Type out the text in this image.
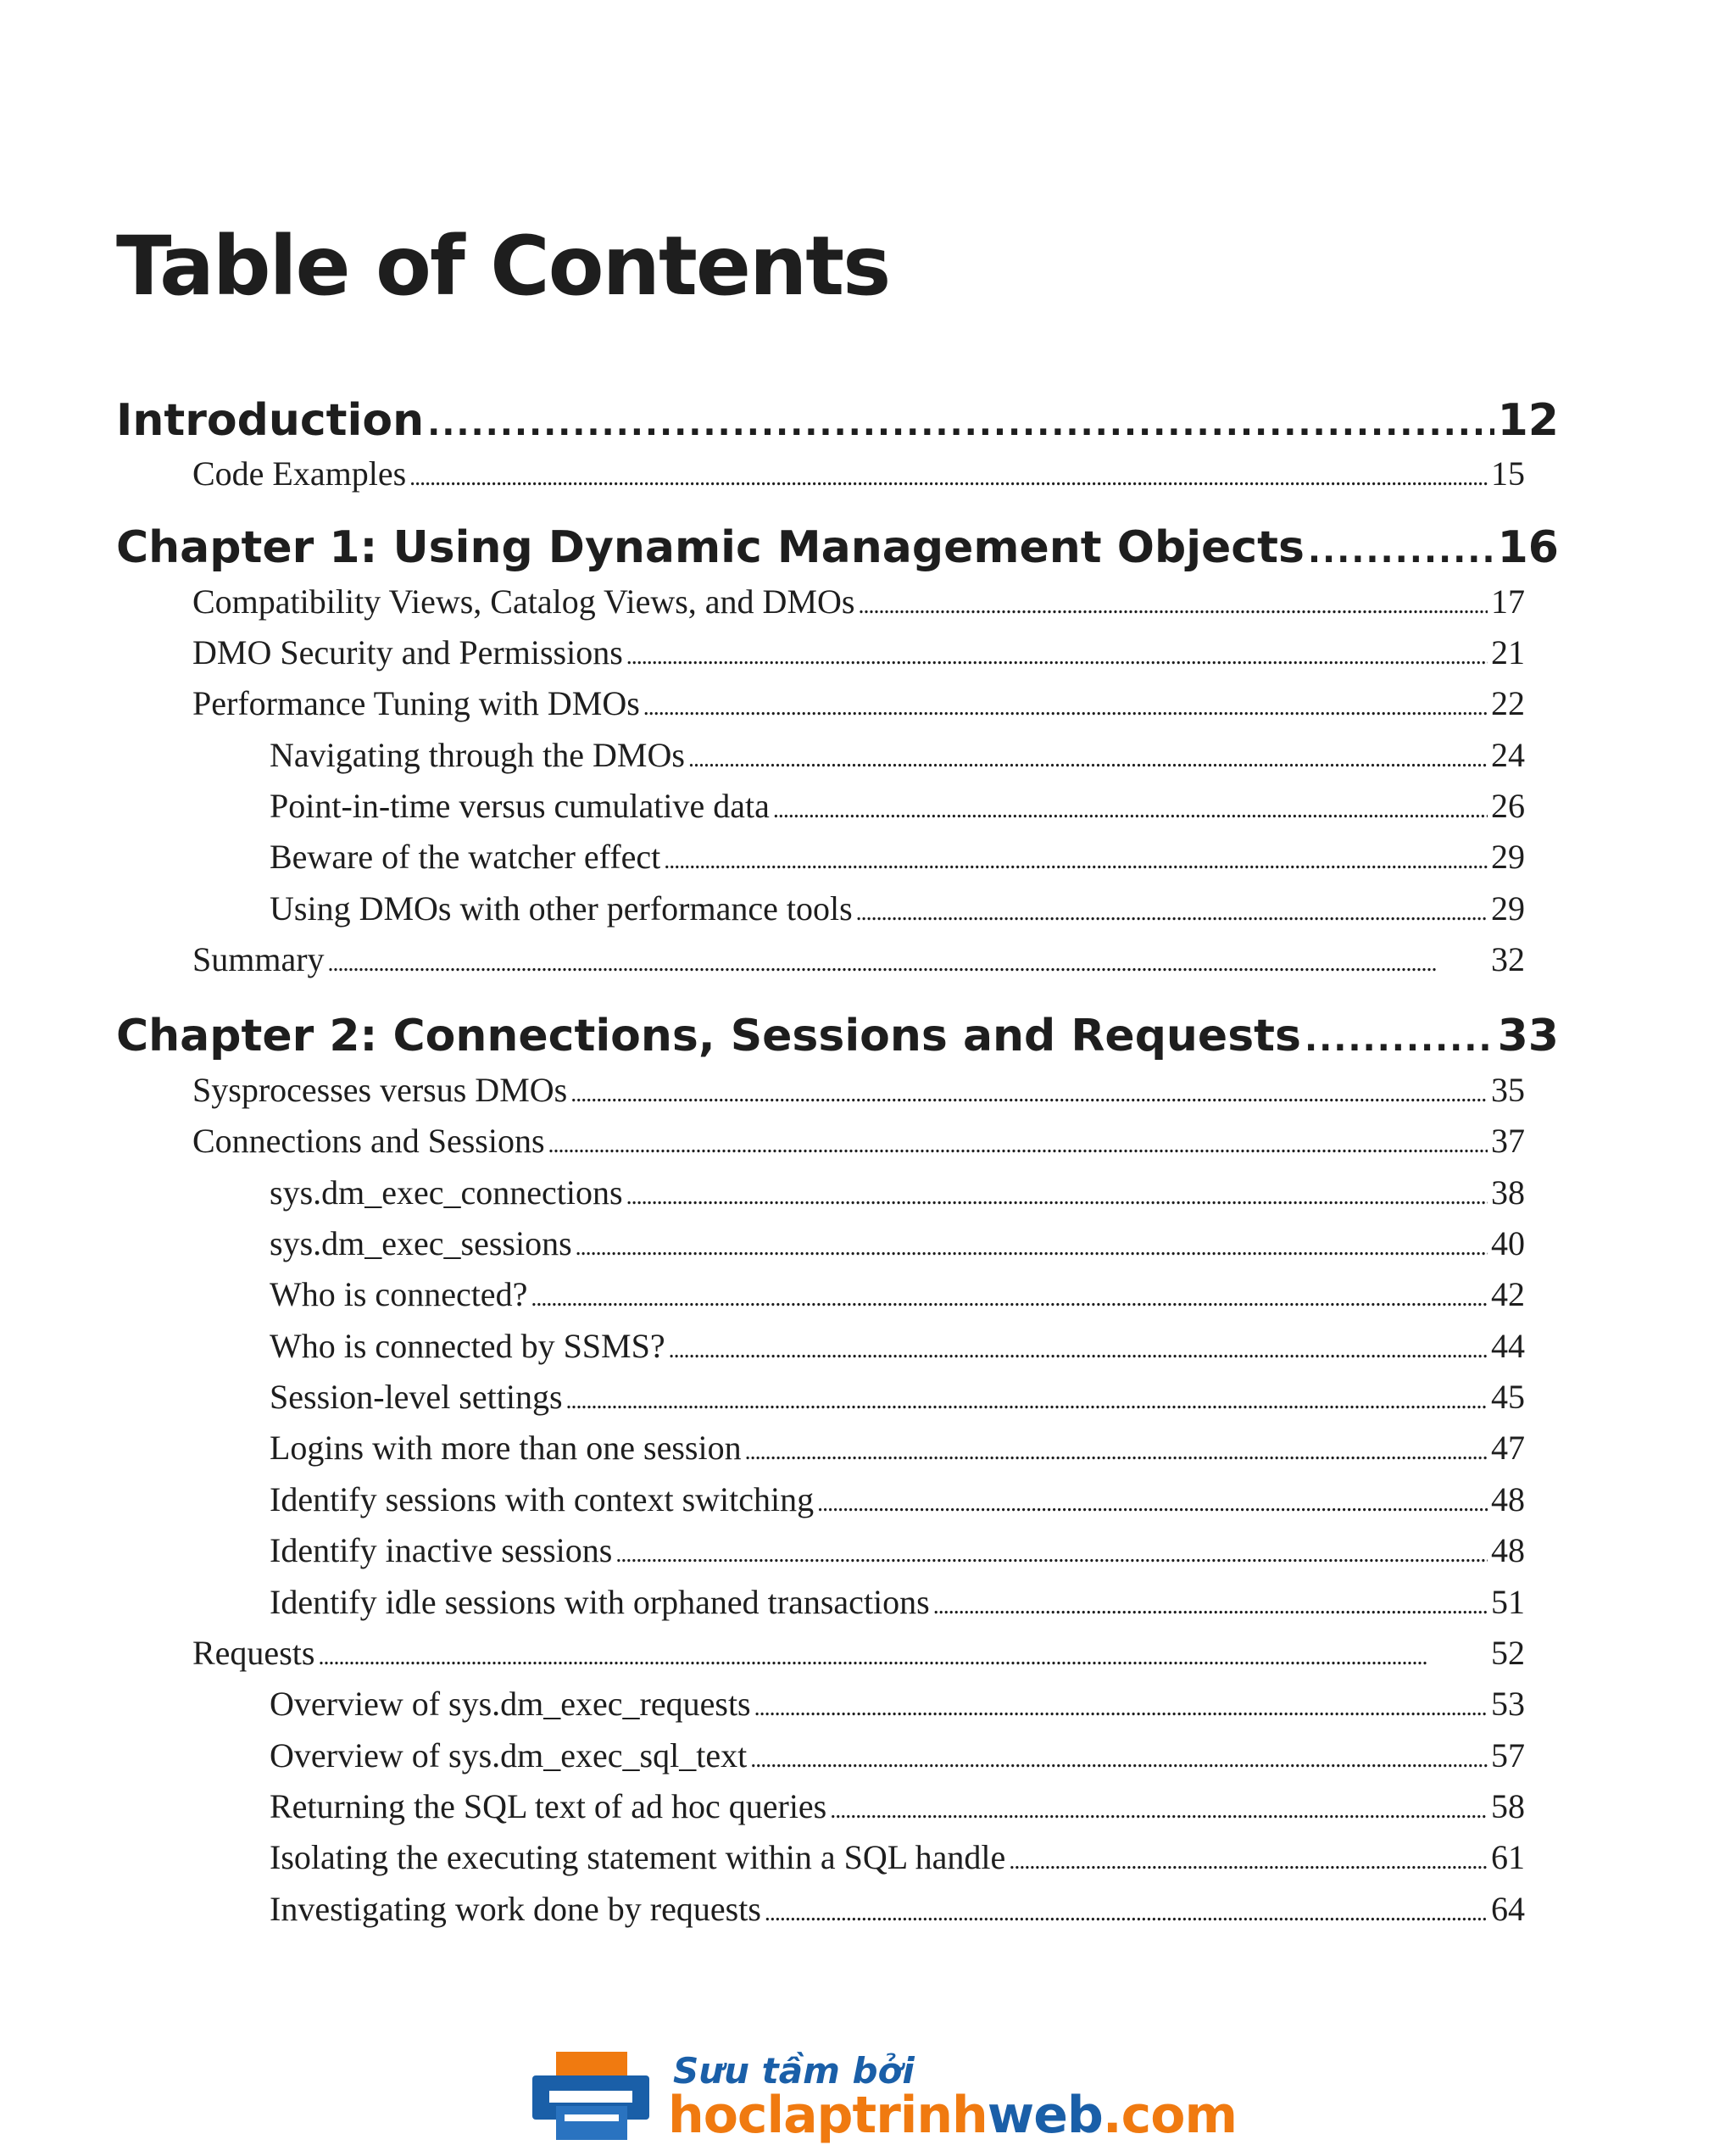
Table of Contents
Introduction . . .	12
Code Examples . . .	15
Chapter 1: Using Dynamic Management Objects . . .	16
Compatibility Views, Catalog Views, and DMOs . . .	17
DMO Security and Permissions . . .	21
Performance Tuning with DMOs . . .	22
Navigating through the DMOs . . .	24
Point-in-time versus cumulative data . . .	26
Beware of the watcher effect . . .	29
Using DMOs with other performance tools . . .	29
Summary . . .	32
Chapter 2: Connections, Sessions and Requests . . .	33
Sysprocesses versus DMOs . . .	35
Connections and Sessions . . .	37
sys.dm_exec_connections . . .	38
sys.dm_exec_sessions . . .	40
Who is connected? . . .	42
Who is connected by SSMS? . . .	44
Session-level settings . . .	45
Logins with more than one session . . .	47
Identify sessions with context switching . . .	48
Identify inactive sessions . . .	48
Identify idle sessions with orphaned transactions . . .	51
Requests . . .	52
Overview of sys.dm_exec_requests . . .	53
Overview of sys.dm_exec_sql_text . . .	57
Returning the SQL text of ad hoc queries . . .	58
Isolating the executing statement within a SQL handle . . .	61
Investigating work done by requests . . .	64
Sưu tầm bởi
hoclaptrinhweb.com
